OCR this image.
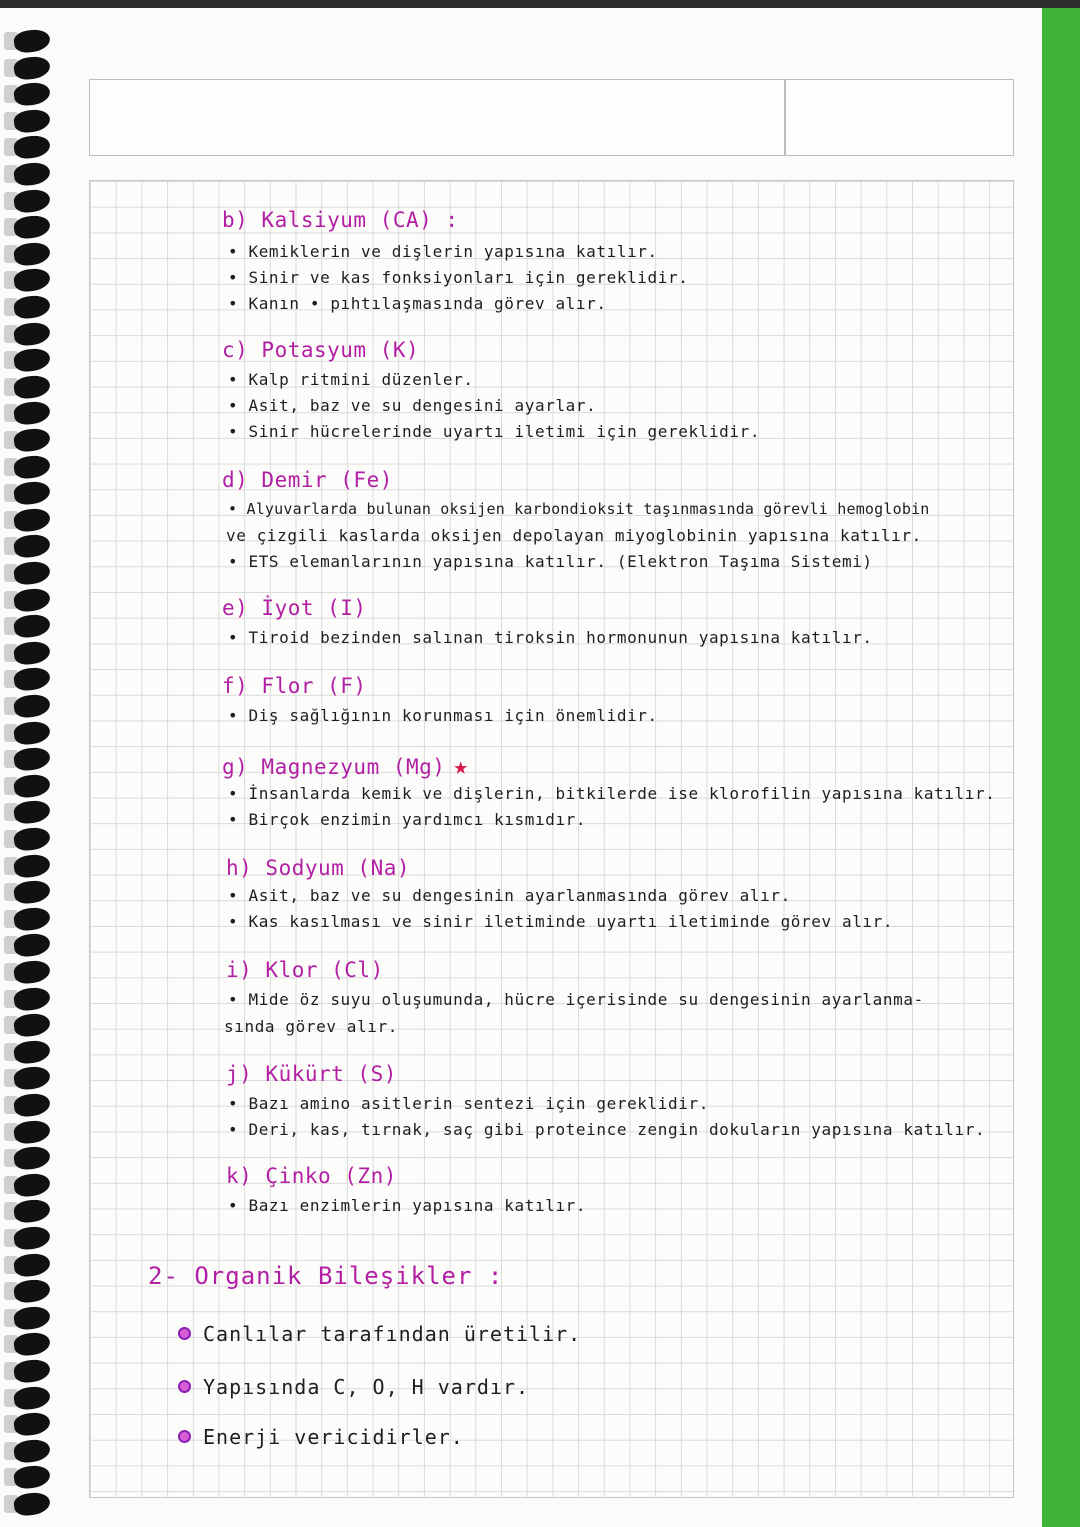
b) Kalsiyum (CA) :
• Kemiklerin ve dişlerin yapısına katılır.
• Sinir ve kas fonksiyonları için gereklidir.
• Kanın • pıhtılaşmasında görev alır.
c) Potasyum (K)
• Kalp ritmini düzenler.
• Asit, baz ve su dengesini ayarlar.
• Sinir hücrelerinde uyartı iletimi için gereklidir.
d) Demir (Fe)
• Alyuvarlarda bulunan oksijen karbondioksit taşınmasında görevli hemoglobin
ve çizgili kaslarda oksijen depolayan miyoglobinin yapısına katılır.
• ETS elemanlarının yapısına katılır. (Elektron Taşıma Sistemi)
e) İyot (I)
• Tiroid bezinden salınan tiroksin hormonunun yapısına katılır.
f) Flor (F)
• Diş sağlığının korunması için önemlidir.
g) Magnezyum (Mg) ★
• İnsanlarda kemik ve dişlerin, bitkilerde ise klorofilin yapısına katılır.
• Birçok enzimin yardımcı kısmıdır.
h) Sodyum (Na)
• Asit, baz ve su dengesinin ayarlanmasında görev alır.
• Kas kasılması ve sinir iletiminde uyartı iletiminde görev alır.
i) Klor (Cl)
• Mide öz suyu oluşumunda, hücre içerisinde su dengesinin ayarlanma-
sında görev alır.
j) Kükürt (S)
• Bazı amino asitlerin sentezi için gereklidir.
• Deri, kas, tırnak, saç gibi proteince zengin dokuların yapısına katılır.
k) Çinko (Zn)
• Bazı enzimlerin yapısına katılır.
2- Organik Bileşikler :
Canlılar tarafından üretilir.
Yapısında C, O, H vardır.
Enerji vericidirler.
